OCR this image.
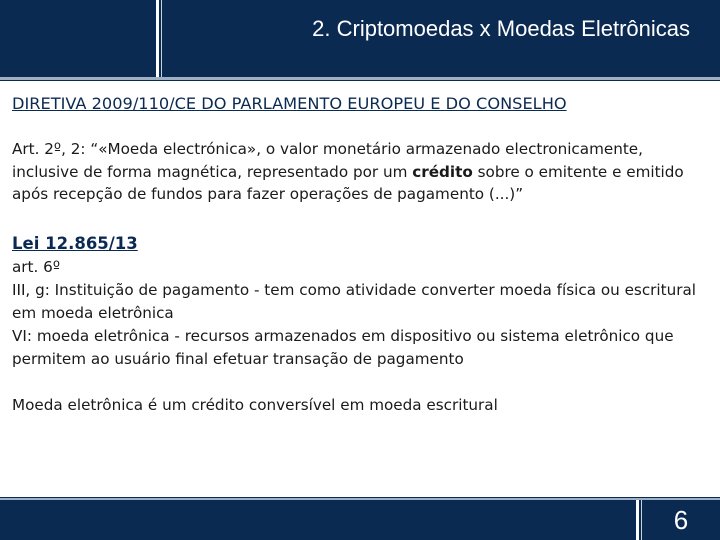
2. Criptomoedas x Moedas Eletrônicas

DIRETIVA 2009/110/CE DO PARLAMENTO EUROPEU E DO CONSELHO

Art. 2º, 2: “«Moeda electrónica», o valor monetário armazenado electronicamente, inclusive de forma magnética, representado por um crédito sobre o emitente e emitido após recepção de fundos para fazer operações de pagamento (...)”

Lei 12.865/13

art. 6º

III, g: Instituição de pagamento - tem como atividade converter moeda física ou escritural em moeda eletrônica

VI: moeda eletrônica - recursos armazenados em dispositivo ou sistema eletrônico que permitem ao usuário final efetuar transação de pagamento

Moeda eletrônica é um crédito conversível em moeda escritural

6
